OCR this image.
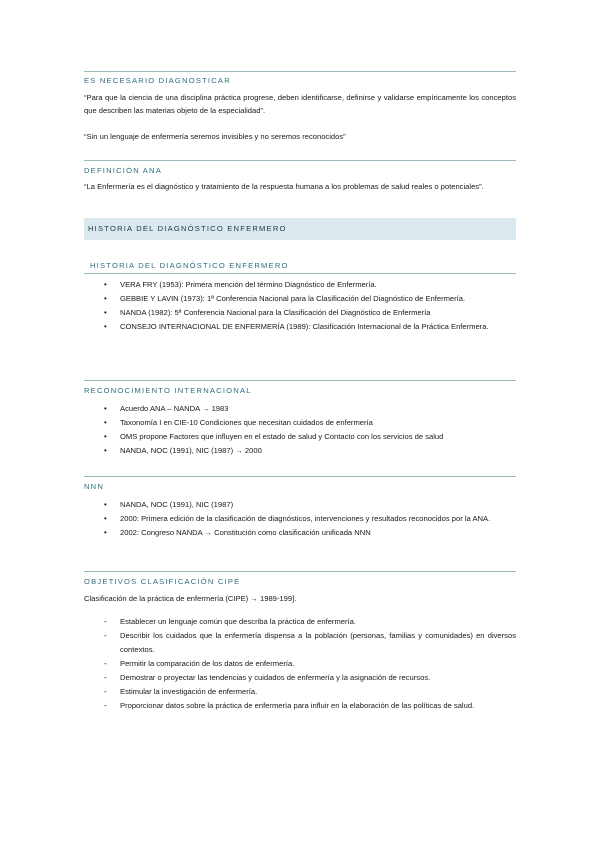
ES NECESARIO DIAGNOSTICAR
“Para que la ciencia de una disciplina práctica progrese, deben identificarse, definirse y validarse empíricamente los conceptos que describen las materias objeto de la especialidad”.
“Sin un lenguaje de enfermería seremos invisibles y no seremos reconocidos”
DEFINICIÓN ANA
“La Enfermería es el diagnóstico y tratamiento de la respuesta humana a los problemas de salud reales o potenciales”.
HISTORIA DEL DIAGNÓSTICO ENFERMERO
HISTORIA DEL DIAGNÓSTICO ENFERMERO
• VERA FRY (1953): Primera mención del término Diagnóstico de Enfermería.
• GEBBIE Y LAVIN (1973): 1ª Conferencia Nacional para la Clasificación del Diagnóstico de Enfermería.
• NANDA (1982): 5ª Conferencia Nacional para la Clasificación del Diagnóstico de Enfermería
• CONSEJO INTERNACIONAL DE ENFERMERÍA (1989): Clasificación Internacional de la Práctica Enfermera.
RECONOCIMIENTO INTERNACIONAL
• Acuerdo ANA – NANDA → 1983
• Taxonomía I en CIE-10 Condiciones que necesitan cuidados de enfermería
• OMS propone Factores que influyen en el estado de salud y Contacto con los servicios de salud
• NANDA, NOC (1991), NIC (1987) → 2000
NNN
• NANDA, NOC (1991), NIC (1987)
• 2000: Primera edición de la clasificación de diagnósticos, intervenciones y resultados reconocidos por la ANA.
• 2002: Congreso NANDA → Constitución como clasificación unificada NNN
OBJETIVOS CLASIFICACIÓN CIPE
Clasificación de la práctica de enfermería (CIPE) → 1989-199].
- Establecer un lenguaje común que describa la práctica de enfermería.
- Describir los cuidados que la enfermería dispensa a la población (personas, familias y comunidades) en diversos contextos.
- Permitir la comparación de los datos de enfermería.
- Demostrar o proyectar las tendencias y cuidados de enfermería y la asignación de recursos.
- Estimular la investigación de enfermería.
- Proporcionar datos sobre la práctica de enfermería para influir en la elaboración de las políticas de salud.
